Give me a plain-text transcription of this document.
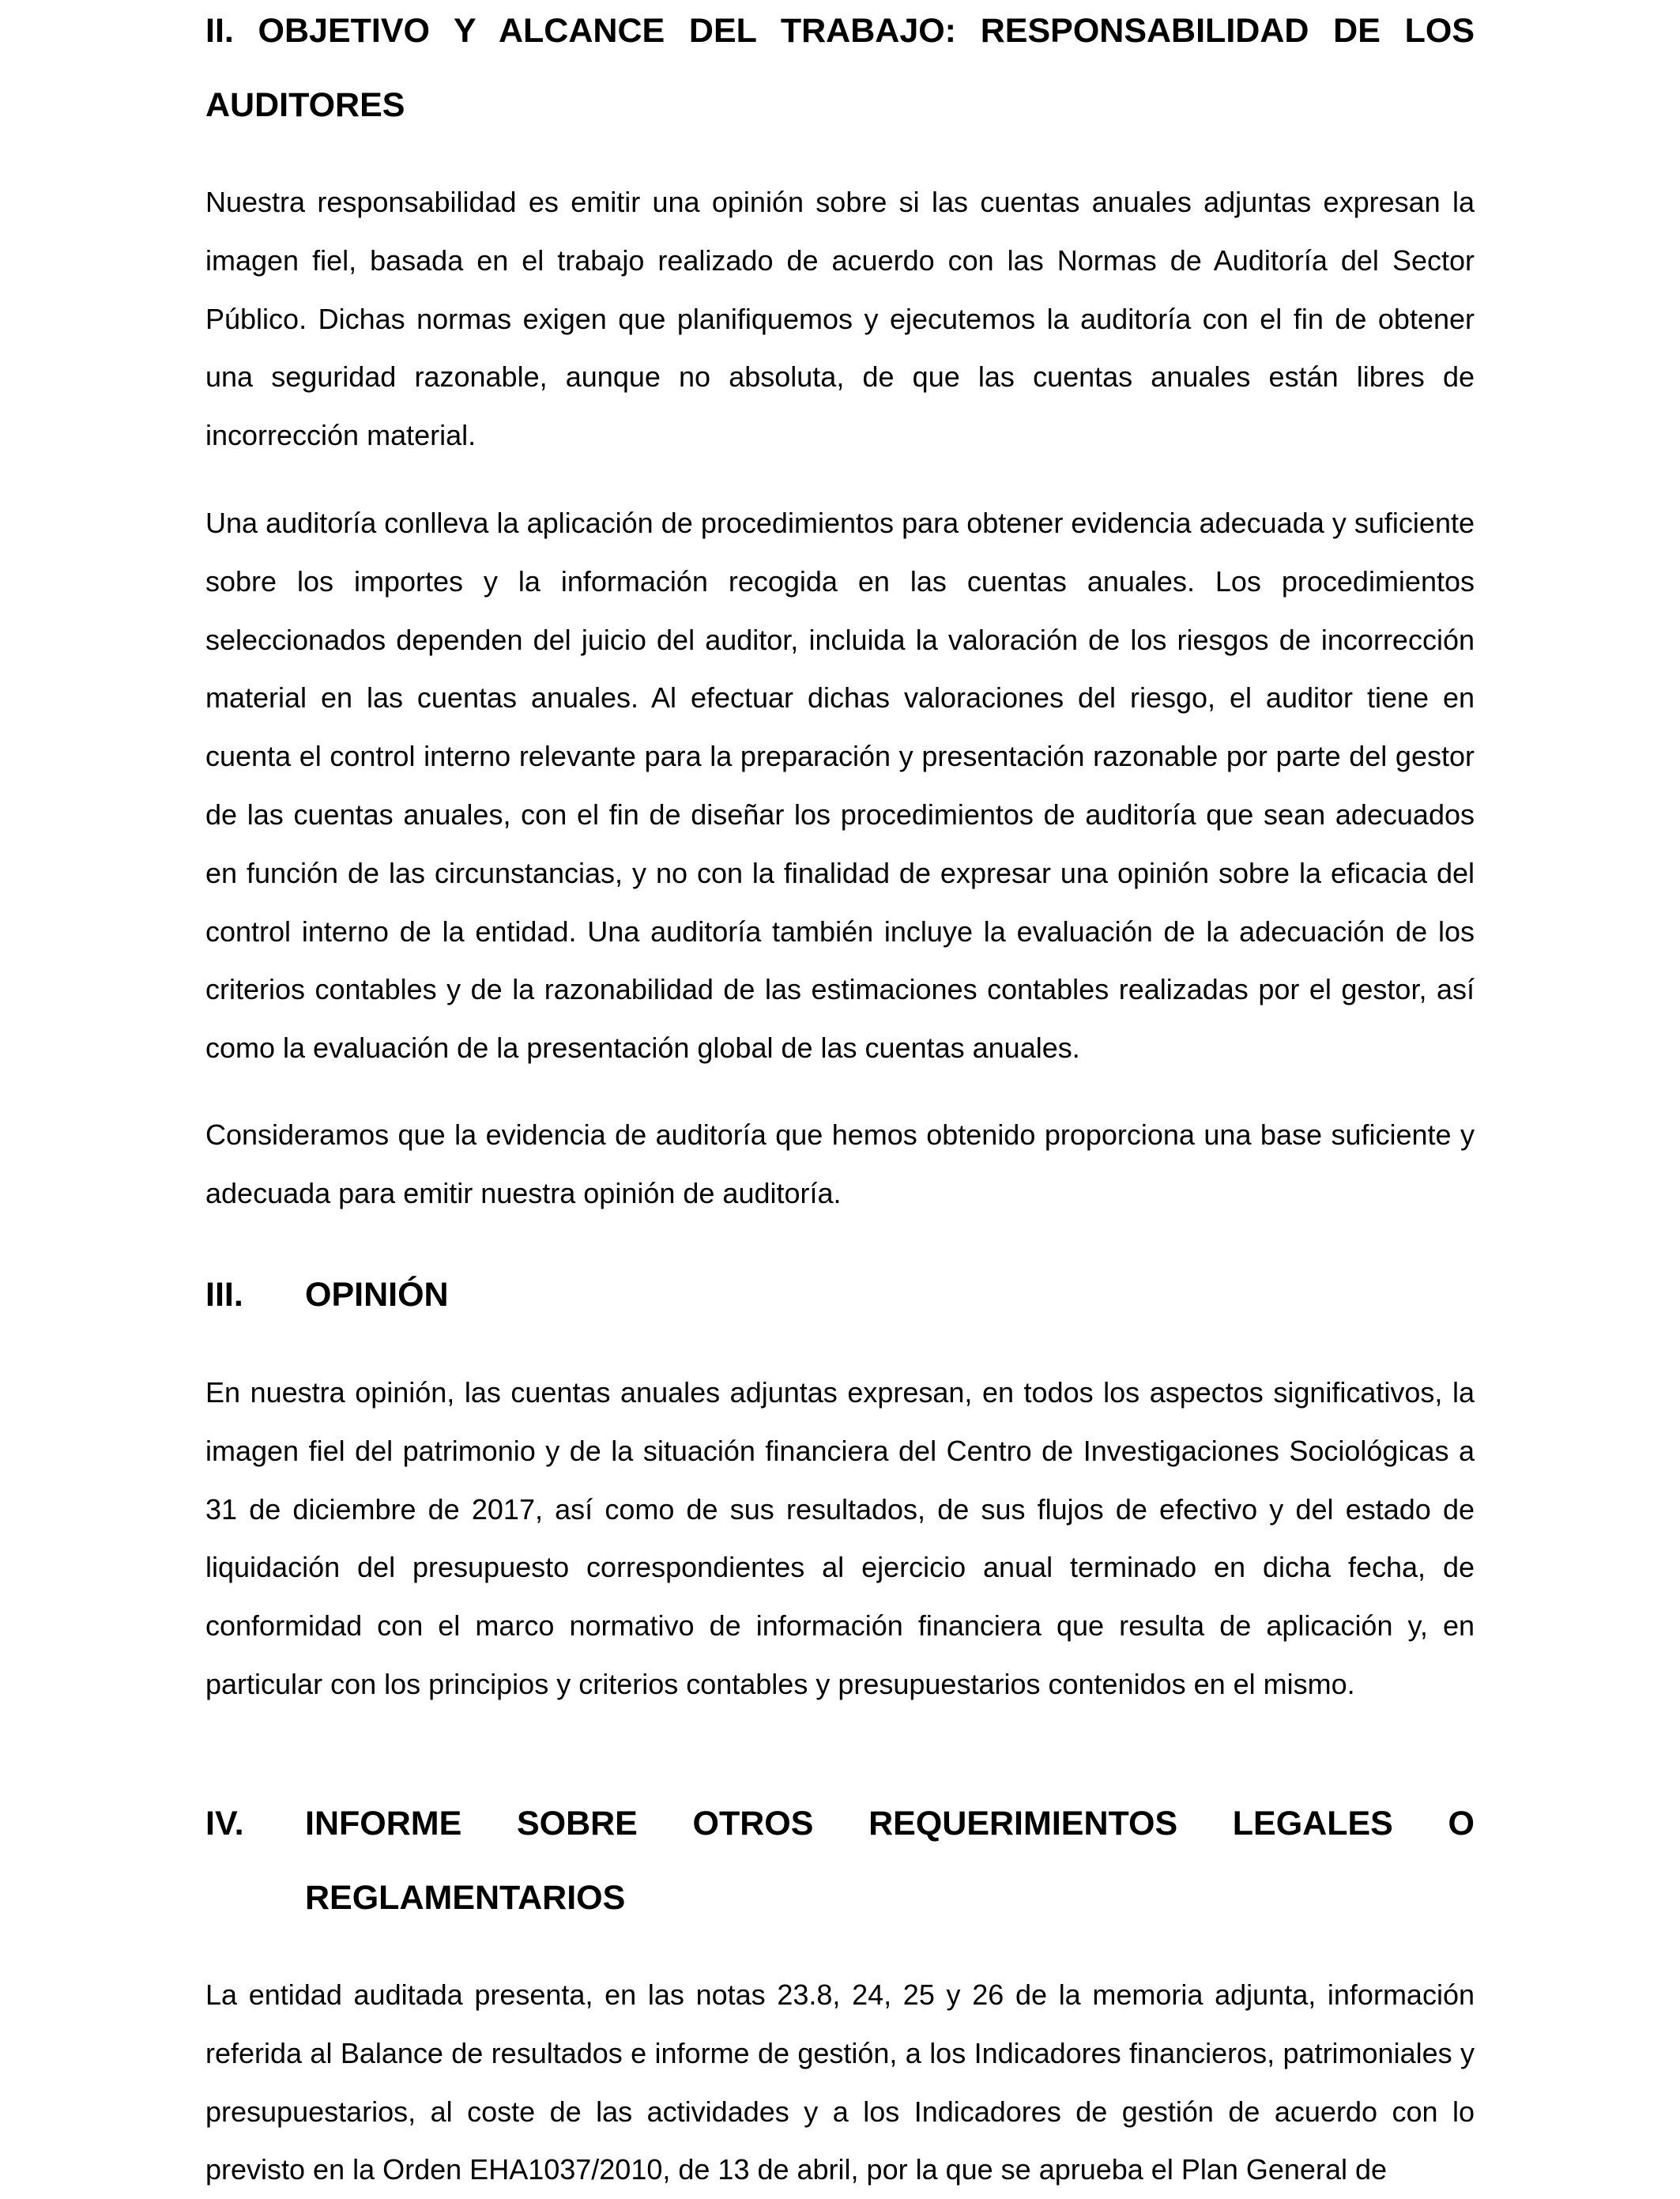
II. OBJETIVO Y ALCANCE DEL TRABAJO: RESPONSABILIDAD DE LOS AUDITORES

Nuestra responsabilidad es emitir una opinión sobre si las cuentas anuales adjuntas expresan la imagen fiel, basada en el trabajo realizado de acuerdo con las Normas de Auditoría del Sector Público. Dichas normas exigen que planifiquemos y ejecutemos la auditoría con el fin de obtener una seguridad razonable, aunque no absoluta, de que las cuentas anuales están libres de incorrección material.

Una auditoría conlleva la aplicación de procedimientos para obtener evidencia adecuada y suficiente sobre los importes y la información recogida en las cuentas anuales. Los procedimientos seleccionados dependen del juicio del auditor, incluida la valoración de los riesgos de incorrección material en las cuentas anuales. Al efectuar dichas valoraciones del riesgo, el auditor tiene en cuenta el control interno relevante para la preparación y presentación razonable por parte del gestor de las cuentas anuales, con el fin de diseñar los procedimientos de auditoría que sean adecuados en función de las circunstancias, y no con la finalidad de expresar una opinión sobre la eficacia del control interno de la entidad. Una auditoría también incluye la evaluación de la adecuación de los criterios contables y de la razonabilidad de las estimaciones contables realizadas por el gestor, así como la evaluación de la presentación global de las cuentas anuales.

Consideramos que la evidencia de auditoría que hemos obtenido proporciona una base suficiente y adecuada para emitir nuestra opinión de auditoría.

III.	OPINIÓN

En nuestra opinión, las cuentas anuales adjuntas expresan, en todos los aspectos significativos, la imagen fiel del patrimonio y de la situación financiera del Centro de Investigaciones Sociológicas a 31 de diciembre de 2017, así como de sus resultados, de sus flujos de efectivo y del estado de liquidación del presupuesto correspondientes al ejercicio anual terminado en dicha fecha, de conformidad con el marco normativo de información financiera que resulta de aplicación y, en particular con los principios y criterios contables y presupuestarios contenidos en el mismo.

IV.	INFORME SOBRE OTROS REQUERIMIENTOS LEGALES O REGLAMENTARIOS

La entidad auditada presenta, en las notas 23.8, 24, 25 y 26 de la memoria adjunta, información referida al Balance de resultados e informe de gestión, a los Indicadores financieros, patrimoniales y presupuestarios, al coste de las actividades y a los Indicadores de gestión de acuerdo con lo previsto en la Orden EHA1037/2010, de 13 de abril, por la que se aprueba el Plan General de
